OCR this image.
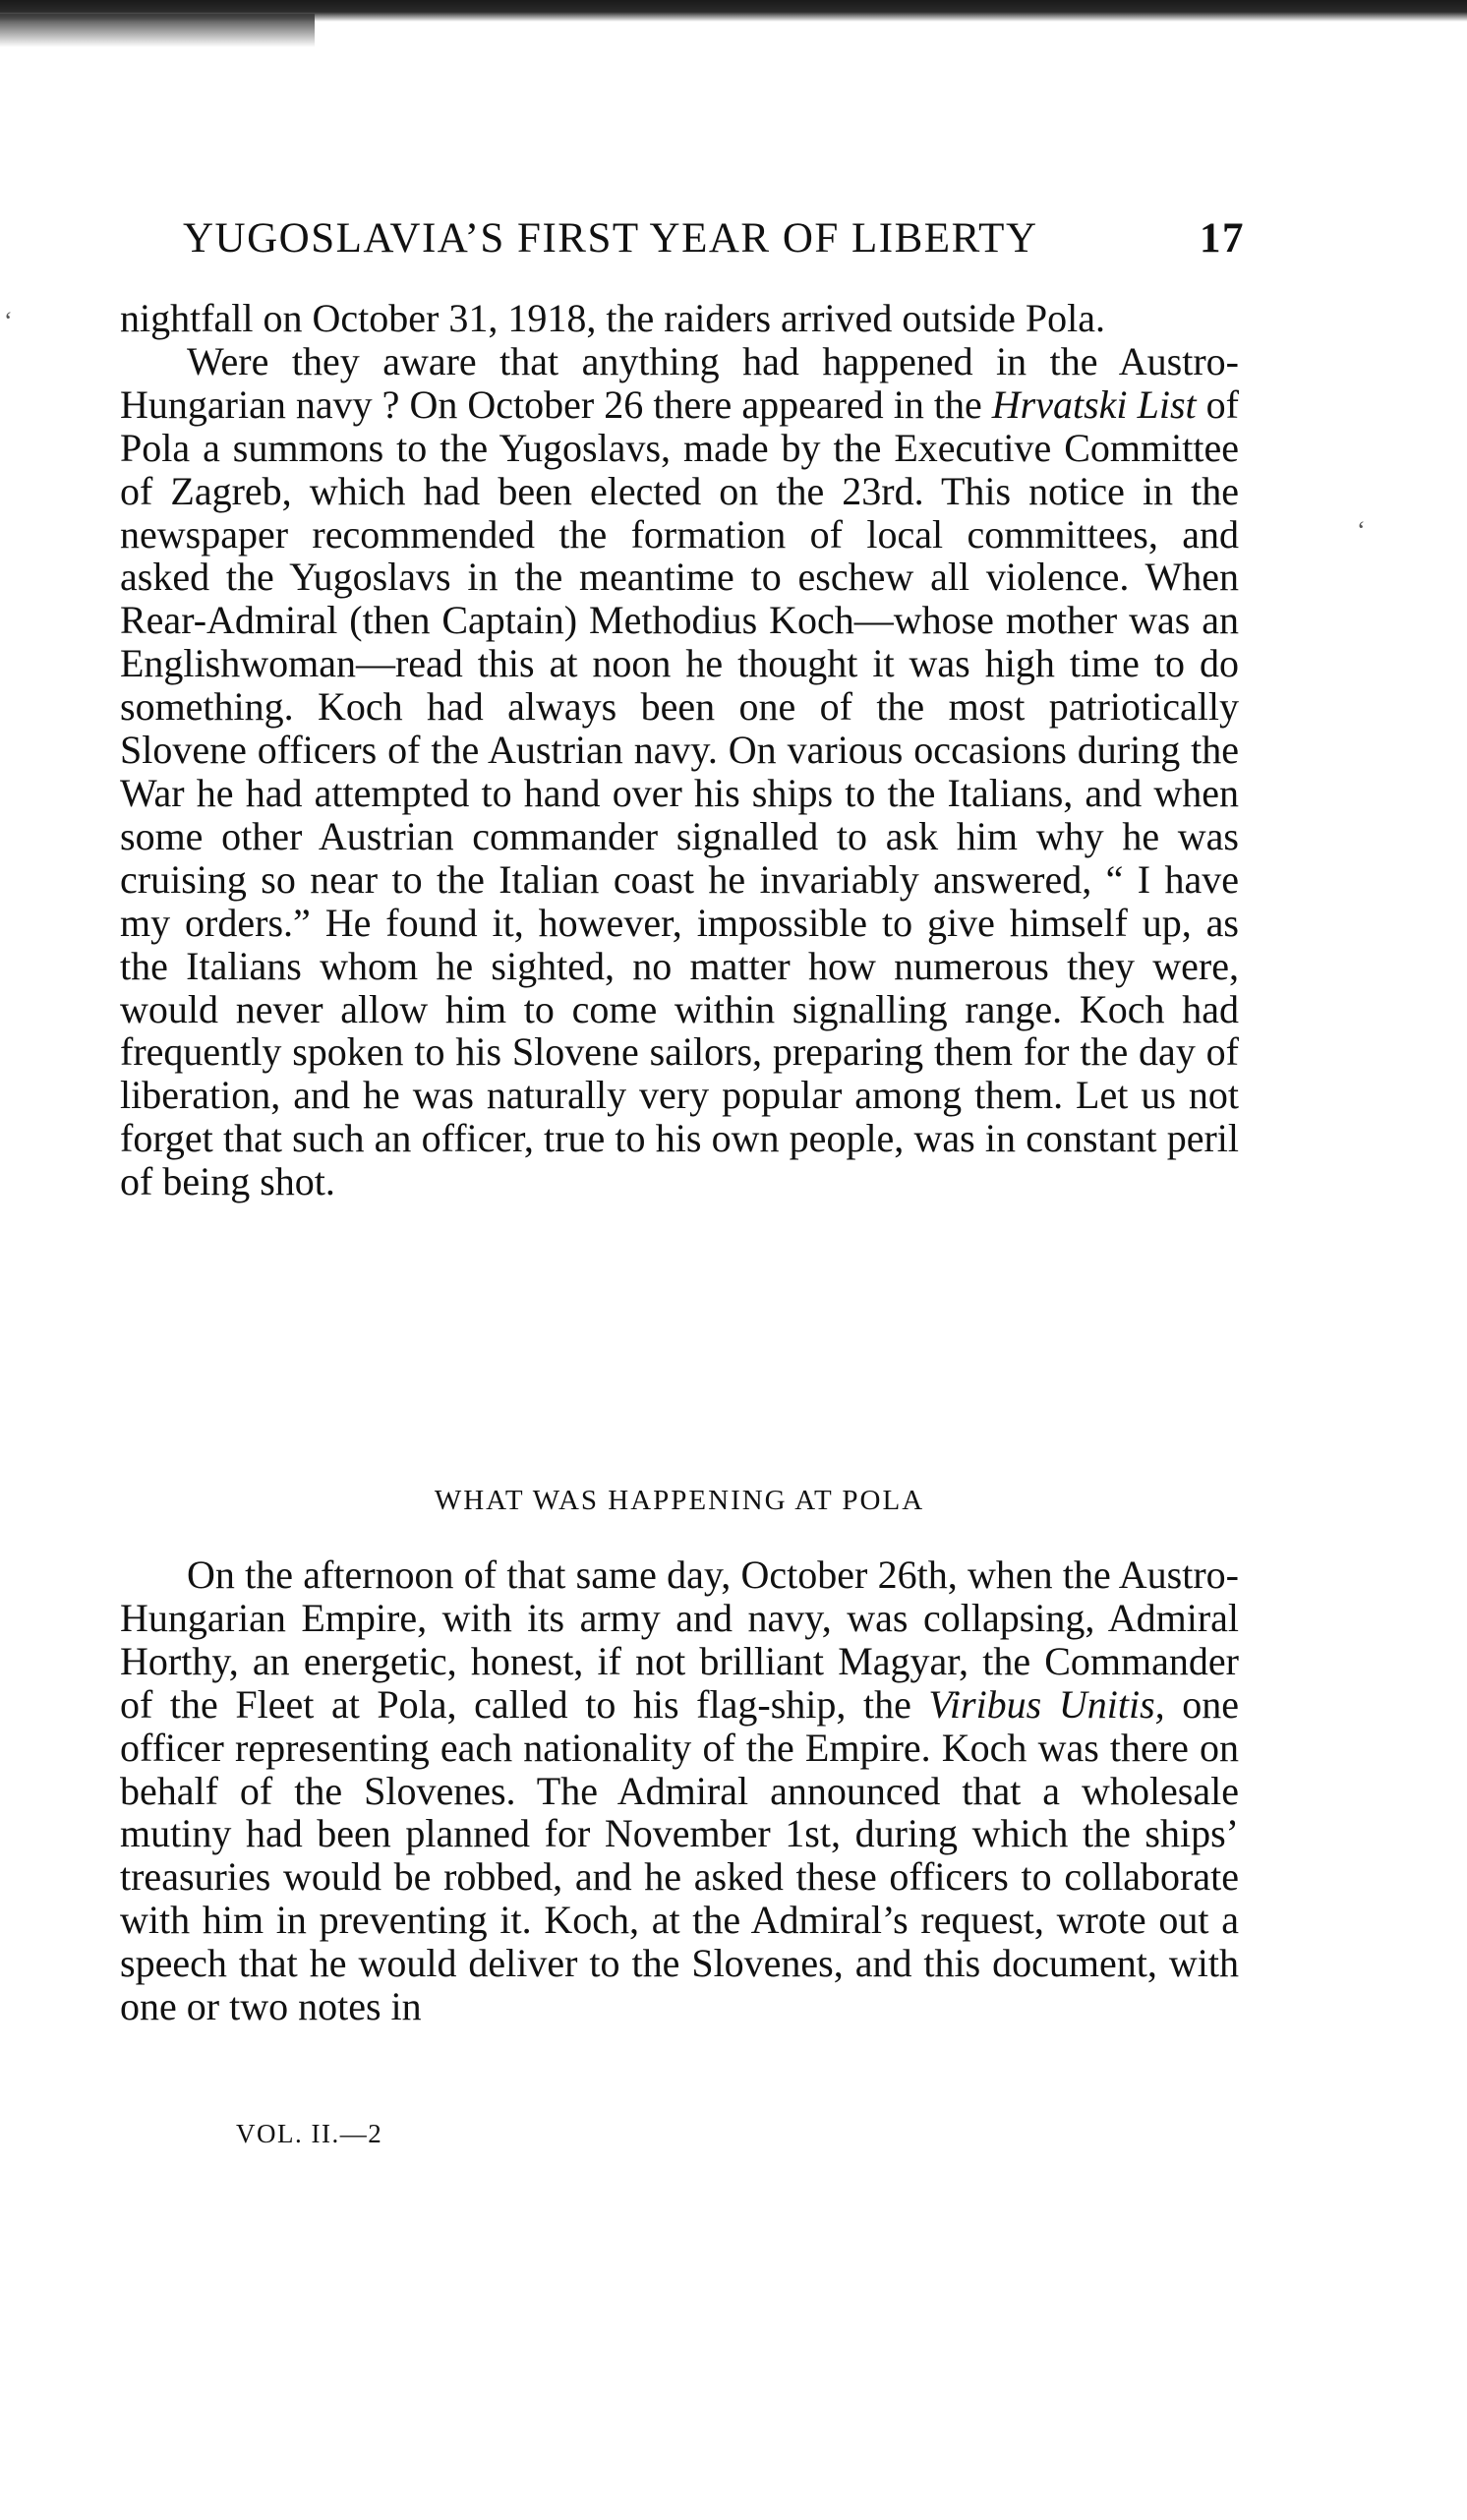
‘
‘
YUGOSLAVIA’S FIRST YEAR OF LIBERTY	17

nightfall on October 31, 1918, the raiders arrived outside Pola.

Were they aware that anything had happened in the Austro-Hungarian navy ? On October 26 there appeared in the Hrvatski List of Pola a summons to the Yugoslavs, made by the Executive Committee of Zagreb, which had been elected on the 23rd. This notice in the newspaper recommended the formation of local committees, and asked the Yugoslavs in the meantime to eschew all violence. When Rear-Admiral (then Captain) Methodius Koch—whose mother was an Englishwoman—read this at noon he thought it was high time to do something. Koch had always been one of the most patriotically Slovene officers of the Austrian navy. On various occasions during the War he had attempted to hand over his ships to the Italians, and when some other Austrian commander signalled to ask him why he was cruising so near to the Italian coast he invariably answered, “ I have my orders.” He found it, however, impossible to give himself up, as the Italians whom he sighted, no matter how numerous they were, would never allow him to come within signalling range. Koch had frequently spoken to his Slovene sailors, preparing them for the day of liberation, and he was naturally very popular among them. Let us not forget that such an officer, true to his own people, was in constant peril of being shot.

WHAT WAS HAPPENING AT POLA

On the afternoon of that same day, October 26th, when the Austro-Hungarian Empire, with its army and navy, was collapsing, Admiral Horthy, an energetic, honest, if not brilliant Magyar, the Commander of the Fleet at Pola, called to his flag-ship, the Viribus Unitis, one officer representing each nationality of the Empire. Koch was there on behalf of the Slovenes. The Admiral announced that a wholesale mutiny had been planned for November 1st, during which the ships’ treasuries would be robbed, and he asked these officers to collaborate with him in preventing it. Koch, at the Admiral’s request, wrote out a speech that he would deliver to the Slovenes, and this document, with one or two notes in

VOL. II.—2
